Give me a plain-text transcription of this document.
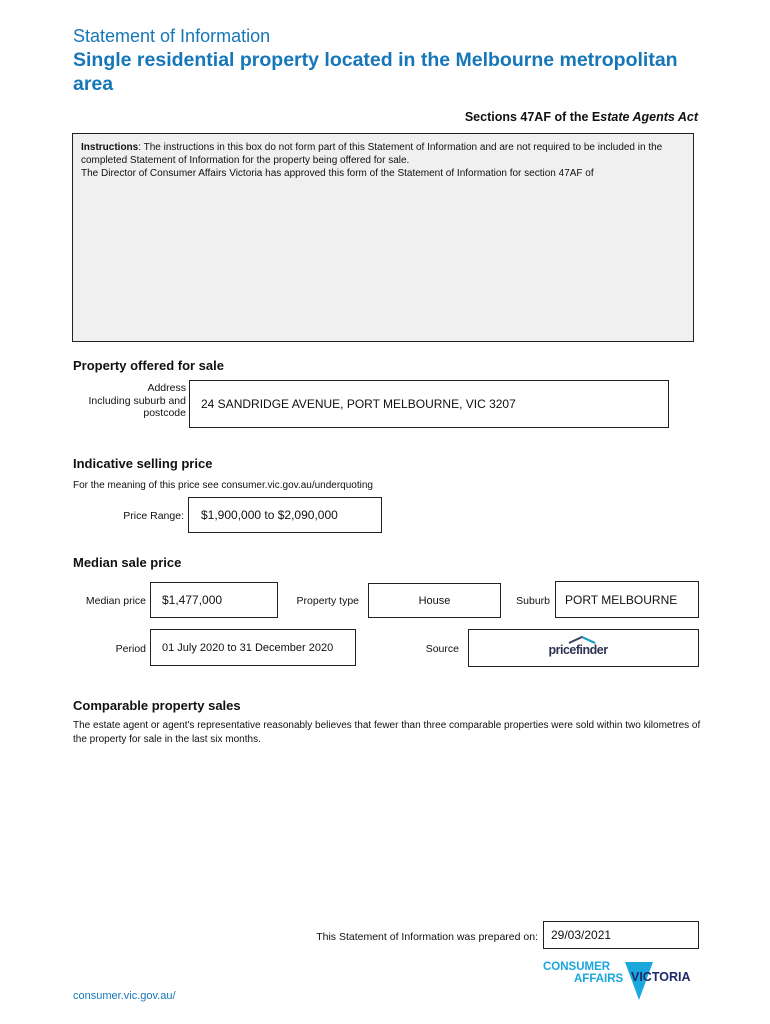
Statement of Information
Single residential property located in the Melbourne metropolitan area
Sections 47AF of the Estate Agents Act
Instructions: The instructions in this box do not form part of this Statement of Information and are not required to be included in the completed Statement of Information for the property being offered for sale.
The Director of Consumer Affairs Victoria has approved this form of the Statement of Information for section 47AF of
Property offered for sale
Address
Including suburb and
postcode
24 SANDRIDGE AVENUE, PORT MELBOURNE, VIC 3207
Indicative selling price
For the meaning of this price see consumer.vic.gov.au/underquoting
Price Range:	$1,900,000 to $2,090,000
Median sale price
Median price	$1,477,000	Property type	House	Suburb	PORT MELBOURNE
Period	01 July 2020 to 31 December 2020	Source	pricefinder
Comparable property sales
The estate agent or agent's representative reasonably believes that fewer than three comparable properties were sold within two kilometres of the property for sale in the last six months.
This Statement of Information was prepared on:	29/03/2021
consumer.vic.gov.au/
CONSUMER
AFFAIRS VICTORIA
